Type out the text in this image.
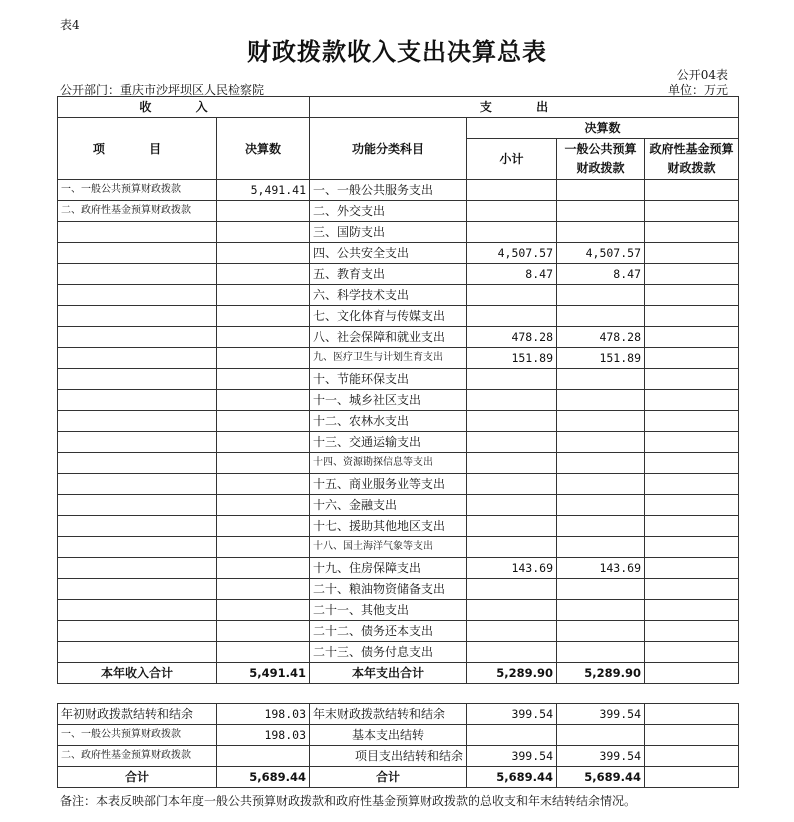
表4
财政拨款收入支出决算总表
公开04表
公开部门：重庆市沙坪坝区人民检察院	单位：万元
收 入		支 出			
项 目	决算数	功能分类科目	决算数		
			小计	一般公共预算财政拨款	政府性基金预算财政拨款
一、一般公共预算财政拨款	5,491.41	一、一般公共服务支出			
二、政府性基金预算财政拨款		二、外交支出			
		三、国防支出			
		四、公共安全支出	4,507.57	4,507.57	
		五、教育支出	8.47	8.47	
		六、科学技术支出			
		七、文化体育与传媒支出			
		八、社会保障和就业支出	478.28	478.28	
		九、医疗卫生与计划生育支出	151.89	151.89	
		十、节能环保支出			
		十一、城乡社区支出			
		十二、农林水支出			
		十三、交通运输支出			
		十四、资源勘探信息等支出			
		十五、商业服务业等支出			
		十六、金融支出			
		十七、援助其他地区支出			
		十八、国土海洋气象等支出			
		十九、住房保障支出	143.69	143.69	
		二十、粮油物资储备支出			
		二十一、其他支出			
		二十二、债务还本支出			
		二十三、债务付息支出			
本年收入合计	5,491.41	本年支出合计	5,289.90	5,289.90	
年初财政拨款结转和结余	198.03	年末财政拨款结转和结余	399.54	399.54	
一、一般公共预算财政拨款	198.03	基本支出结转			
二、政府性基金预算财政拨款		项目支出结转和结余	399.54	399.54	
合计	5,689.44	合计	5,689.44	5,689.44	
备注：本表反映部门本年度一般公共预算财政拨款和政府性基金预算财政拨款的总收支和年末结转结余情况。
